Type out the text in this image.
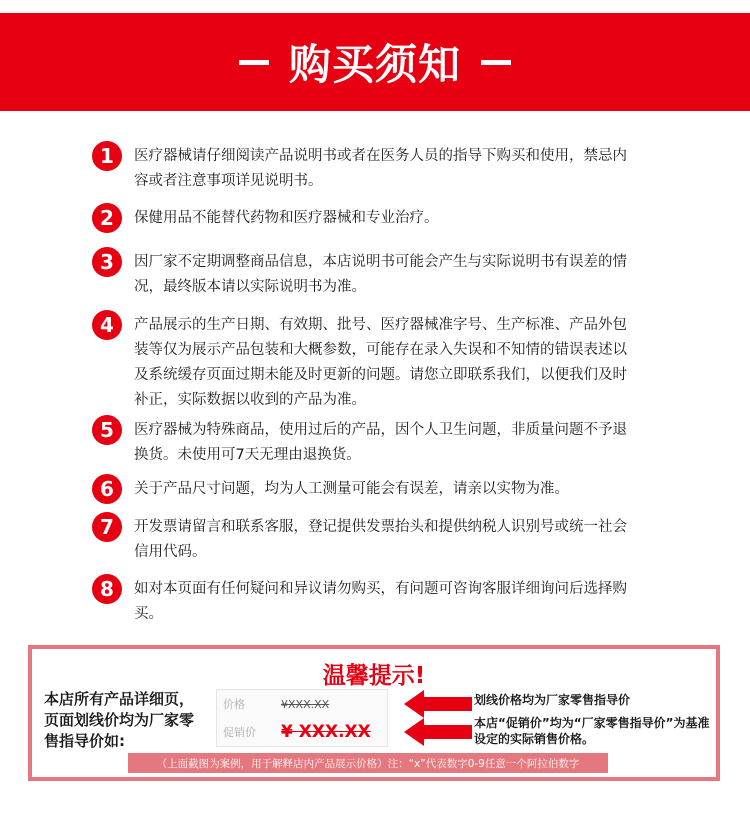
购买须知
1	医疗器械请仔细阅读产品说明书或者在医务人员的指导下购买和使用，禁忌内容或者注意事项详见说明书。
2	保健用品不能替代药物和医疗器械和专业治疗。
3	因厂家不定期调整商品信息，本店说明书可能会产生与实际说明书有误差的情况，最终版本请以实际说明书为准。
4	产品展示的生产日期、有效期、批号、医疗器械准字号、生产标准、产品外包装等仅为展示产品包装和大概参数，可能存在录入失误和不知情的错误表述以及系统缓存页面过期未能及时更新的问题。请您立即联系我们，以便我们及时补正，实际数据以收到的产品为准。
5	医疗器械为特殊商品，使用过后的产品，因个人卫生问题，非质量问题不予退换货。未使用可7天无理由退换货。
6	关于产品尺寸问题，均为人工测量可能会有误差，请亲以实物为准。
7	开发票请留言和联系客服，登记提供发票抬头和提供纳税人识别号或统一社会信用代码。
8	如对本页面有任何疑问和异议请勿购买，有问题可咨询客服详细询问后选择购买。
温馨提示!
本店所有产品详细页，页面划线价均为厂家零售指导价如:
价格	¥XXX.XX
促销价	¥ XXX.XX
划线价格均为厂家零售指导价
本店“促销价”均为“厂家零售指导价”为基准设定的实际销售价格。
（上面截图为案例，用于解释店内产品展示价格）注：“x”代表数字0-9任意一个阿拉伯数字
